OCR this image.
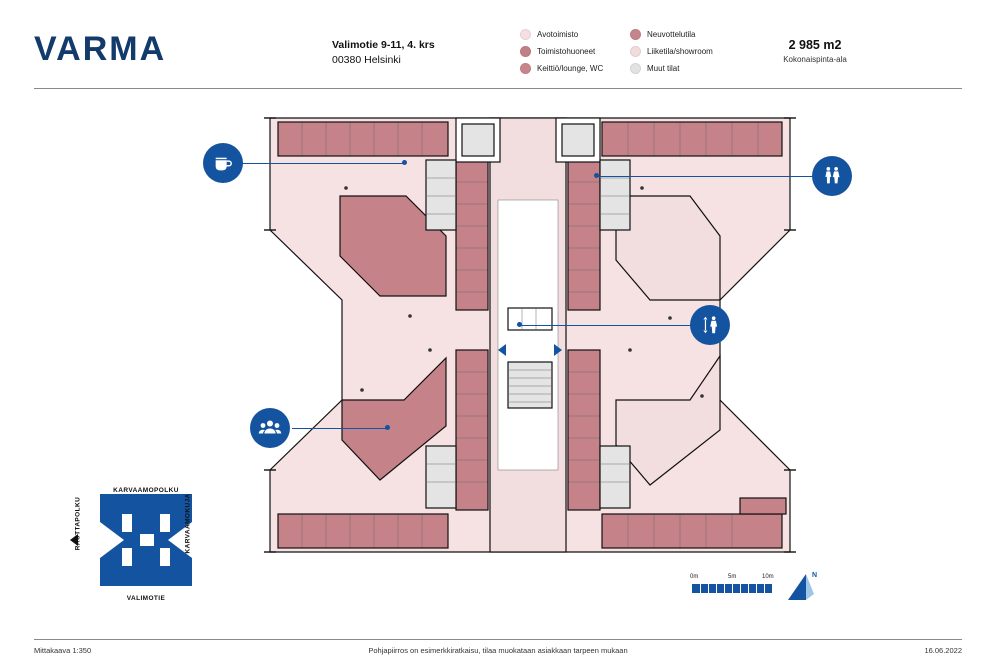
VARMA	Valimotie 9-11, 4. krs
00380 Helsinki
Avotoimisto
Toimistohuoneet
Keittiö/lounge, WC
Neuvottelutila
Liiketila/showroom
Muut tilat
2 985 m2
Kokonaispinta-ala
KARVAAMOPOLKU
VALIMOTIE
RAUTTAPOLKU	KARVAAMOKUJA
0m	5m	10m	N
Mittakaava 1:350	Pohjapiirros on esimerkkiratkaisu, tilaa muokataan asiakkaan tarpeen mukaan	16.06.2022
